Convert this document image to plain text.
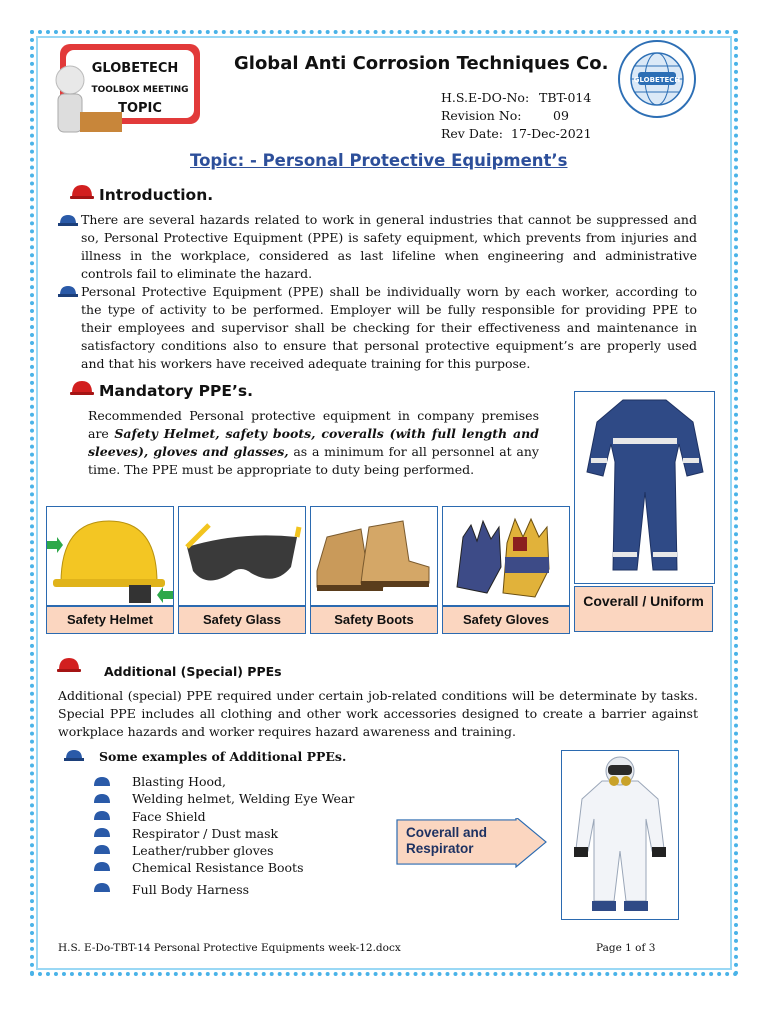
GLOBETECH
TOOLBOX MEETING
TOPIC
Global Anti Corrosion Techniques Co.
H.S.E-DO-No: TBT-014
Revision No:	09
Rev Date: 17-Dec-2021
GLOBETECH
Topic: - Personal Protective Equipment’s
Introduction.
There are several hazards related to work in general industries that cannot be suppressed and so, Personal Protective Equipment (PPE) is safety equipment, which prevents from injuries and illness in the workplace, considered as last lifeline when engineering and administrative controls fail to eliminate the hazard.
Personal Protective Equipment (PPE) shall be individually worn by each worker, according to the type of activity to be performed. Employer will be fully responsible for providing PPE to their employees and supervisor shall be checking for their effectiveness and maintenance in satisfactory conditions also to ensure that personal protective equipment’s are properly used and that his workers have received adequate training for this purpose.
Mandatory PPE’s.
Recommended Personal protective equipment in company premises are Safety Helmet, safety boots, coveralls (with full length and sleeves), gloves and glasses, as a minimum for all personnel at any time. The PPE must be appropriate to duty being performed.
Coverall / Uniform
Safety Helmet	Safety Glass	Safety Boots	Safety Gloves
Additional (Special) PPEs
Additional (special) PPE required under certain job-related conditions will be determinate by tasks. Special PPE includes all clothing and other work accessories designed to create a barrier against workplace hazards and worker requires hazard awareness and training.
Some examples of Additional PPEs.
Blasting Hood,
Welding helmet, Welding Eye Wear
Face Shield
Respirator / Dust mask
Leather/rubber gloves
Chemical Resistance Boots
Full Body Harness
Coverall and Respirator
H.S. E-Do-TBT-14 Personal Protective Equipments week-12.docx	Page 1 of 3
